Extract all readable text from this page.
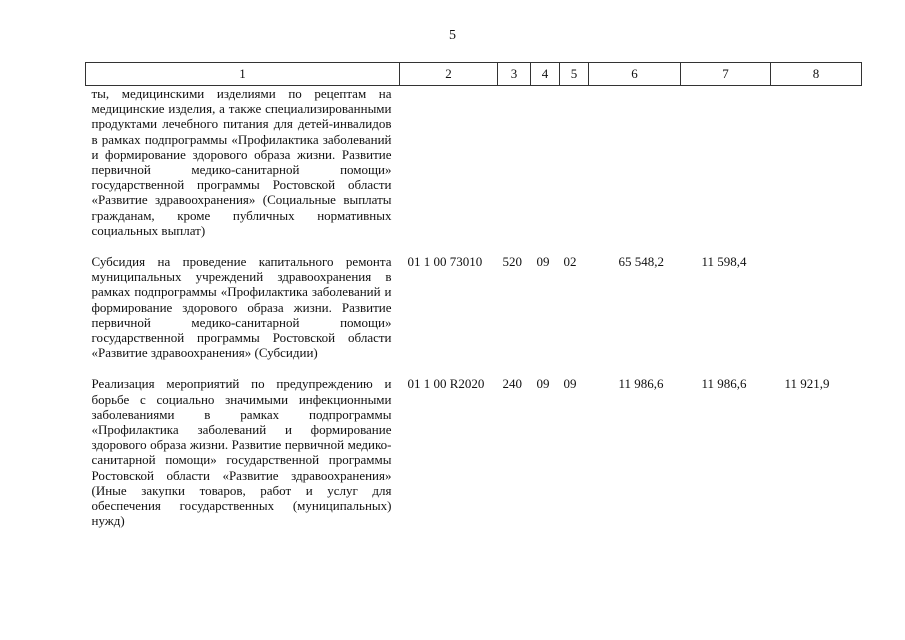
5
1	2	3	4	5	6	7	8
ты, медицинскими изделиями по рецептам на медицинские изделия, а также специализированными продуктами лечебного питания для детей-инвалидов в рамках подпрограммы «Профилактика заболеваний и формирование здорового образа жизни. Развитие первичной медико-санитарной помощи» государственной программы Ростовской области «Развитие здравоохранения» (Социальные выплаты гражданам, кроме публичных нормативных социальных выплат)							

Субсидия на проведение капитального ремонта муниципальных учреждений здравоохранения в рамках подпрограммы «Профилактика заболеваний и формирование здорового образа жизни. Развитие первичной медико-санитарной помощи» государственной программы Ростовской области «Развитие здравоохранения» (Субсидии)	01 1 00 73010	520	09	02	65 548,2	11 598,4	

Реализация мероприятий по предупреждению и борьбе с социально значимыми инфекционными заболеваниями в рамках подпрограммы «Профилактика заболеваний и формирование здорового образа жизни. Развитие первичной медико-санитарной помощи» государственной программы Ростовской области «Развитие здравоохранения» (Иные закупки товаров, работ и услуг для обеспечения государственных (муниципальных) нужд)	01 1 00 R2020	240	09	09	11 986,6	11 986,6	11 921,9
